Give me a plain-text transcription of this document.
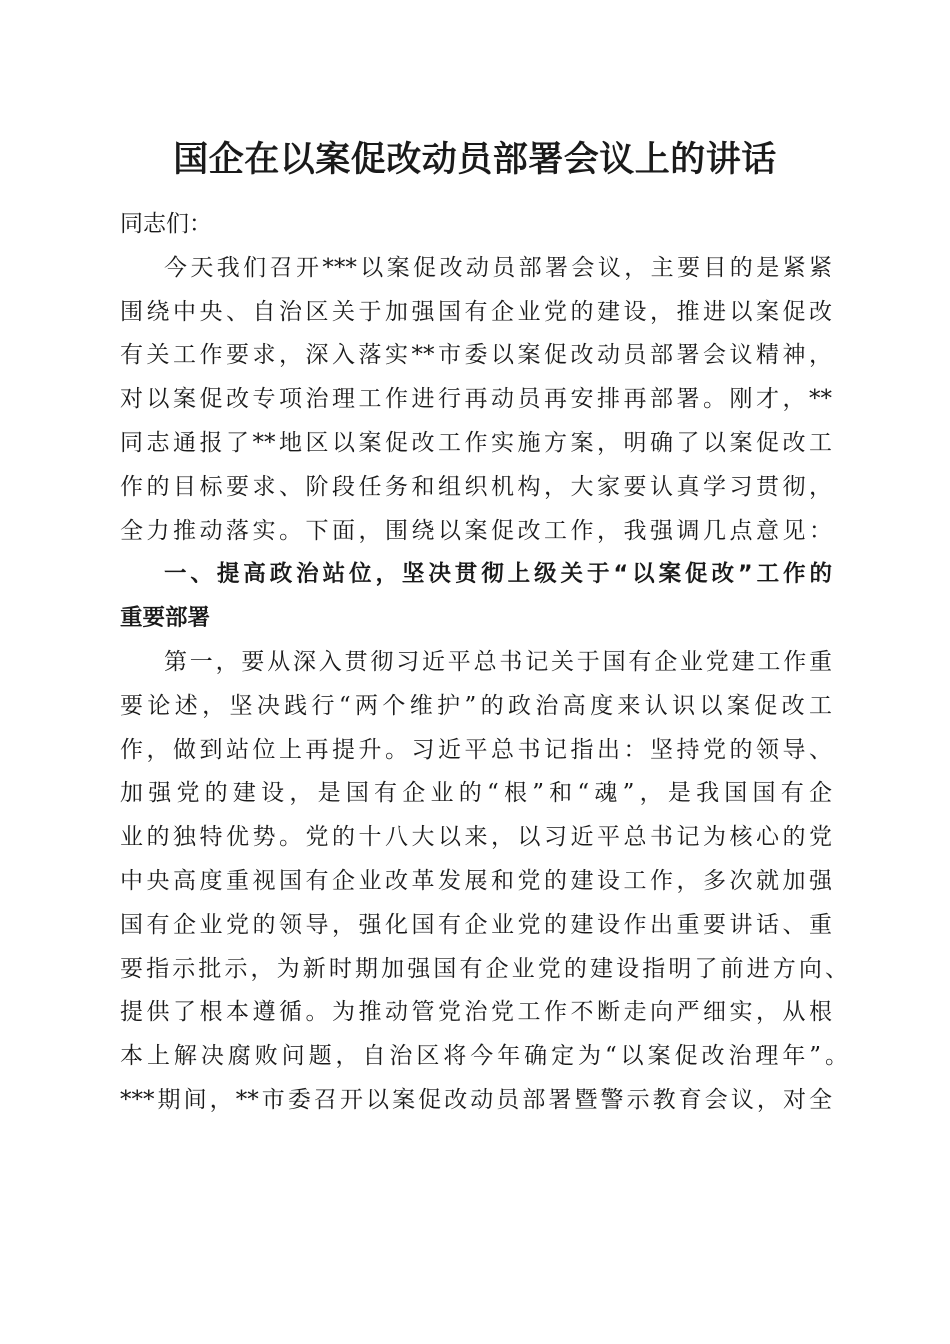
国企在以案促改动员部署会议上的讲话
同志们：
今天我们召开***以案促改动员部署会议，主要目的是紧紧
围绕中央、自治区关于加强国有企业党的建设，推进以案促改
有关工作要求，深入落实**市委以案促改动员部署会议精神，
对以案促改专项治理工作进行再动员再安排再部署。刚才，**
同志通报了**地区以案促改工作实施方案，明确了以案促改工
作的目标要求、阶段任务和组织机构，大家要认真学习贯彻，
全力推动落实。下面，围绕以案促改工作，我强调几点意见：
一、提高政治站位，坚决贯彻上级关于“以案促改”工作的
重要部署
第一，要从深入贯彻习近平总书记关于国有企业党建工作重
要论述，坚决践行“两个维护”的政治高度来认识以案促改工
作，做到站位上再提升。习近平总书记指出：坚持党的领导、
加强党的建设，是国有企业的“根”和“魂”，是我国国有企
业的独特优势。党的十八大以来，以习近平总书记为核心的党
中央高度重视国有企业改革发展和党的建设工作，多次就加强
国有企业党的领导，强化国有企业党的建设作出重要讲话、重
要指示批示，为新时期加强国有企业党的建设指明了前进方向、
提供了根本遵循。为推动管党治党工作不断走向严细实，从根
本上解决腐败问题，自治区将今年确定为“以案促改治理年”。
***期间，**市委召开以案促改动员部署暨警示教育会议，对全
